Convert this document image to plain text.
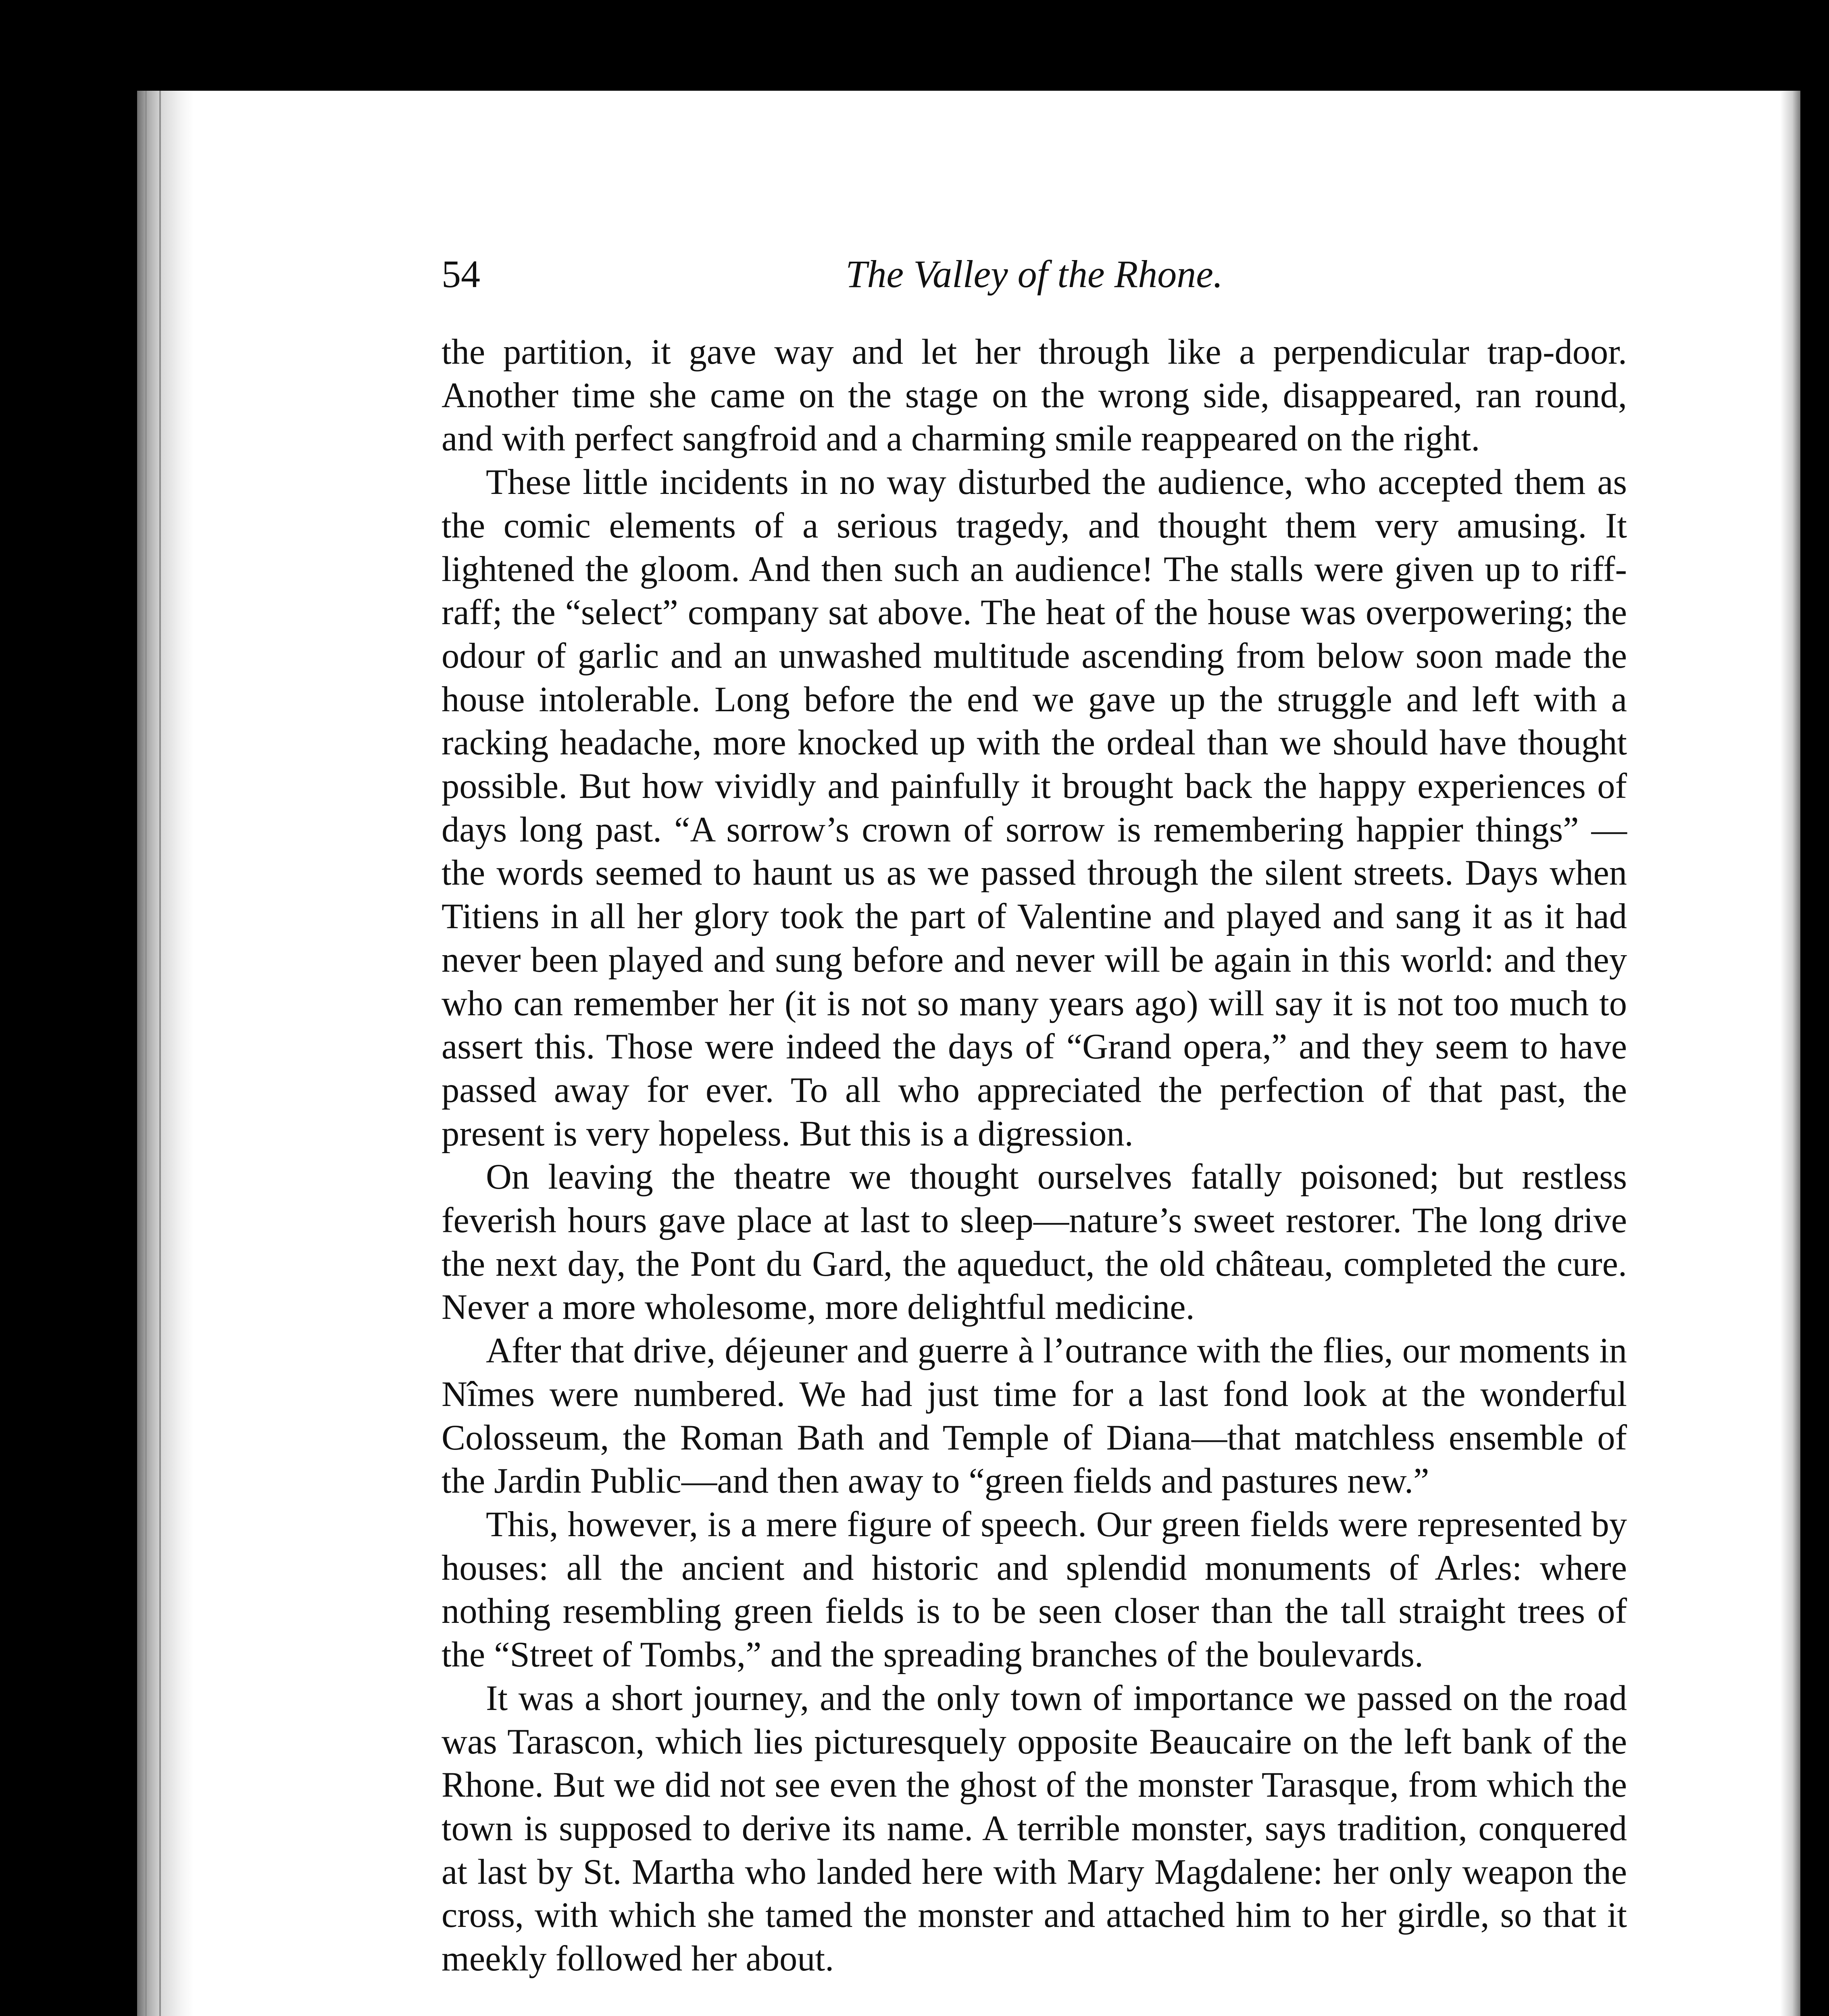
54	The Valley of the Rhone.

the partition, it gave way and let her through like a perpendicular trap-door. Another time she came on the stage on the wrong side, disappeared, ran round, and with perfect sangfroid and a charming smile reappeared on the right.

These little incidents in no way disturbed the audience, who accepted them as the comic elements of a serious tragedy, and thought them very amusing. It lightened the gloom. And then such an audience! The stalls were given up to riff-raff; the “select” company sat above. The heat of the house was overpowering; the odour of garlic and an unwashed multitude ascending from below soon made the house intolerable. Long before the end we gave up the struggle and left with a racking headache, more knocked up with the ordeal than we should have thought possible. But how vividly and painfully it brought back the happy experiences of days long past. “A sorrow’s crown of sorrow is remembering happier things” —the words seemed to haunt us as we passed through the silent streets. Days when Titiens in all her glory took the part of Valentine and played and sang it as it had never been played and sung before and never will be again in this world: and they who can remember her (it is not so many years ago) will say it is not too much to assert this. Those were indeed the days of “Grand opera,” and they seem to have passed away for ever. To all who appreciated the perfection of that past, the present is very hopeless. But this is a digression.

On leaving the theatre we thought ourselves fatally poisoned; but restless feverish hours gave place at last to sleep—nature’s sweet restorer. The long drive the next day, the Pont du Gard, the aqueduct, the old château, completed the cure. Never a more wholesome, more delightful medicine.

After that drive, déjeuner and guerre à l’outrance with the flies, our moments in Nîmes were numbered. We had just time for a last fond look at the wonderful Colosseum, the Roman Bath and Temple of Diana—that matchless ensemble of the Jardin Public—and then away to “green fields and pastures new.”

This, however, is a mere figure of speech. Our green fields were represented by houses: all the ancient and historic and splendid monuments of Arles: where nothing resembling green fields is to be seen closer than the tall straight trees of the “Street of Tombs,” and the spreading branches of the boulevards.

It was a short journey, and the only town of importance we passed on the road was Tarascon, which lies picturesquely opposite Beaucaire on the left bank of the Rhone. But we did not see even the ghost of the monster Tarasque, from which the town is supposed to derive its name. A terrible monster, says tradition, conquered at last by St. Martha who landed here with Mary Magdalene: her only weapon the cross, with which she tamed the monster and attached him to her girdle, so that it meekly followed her about.
